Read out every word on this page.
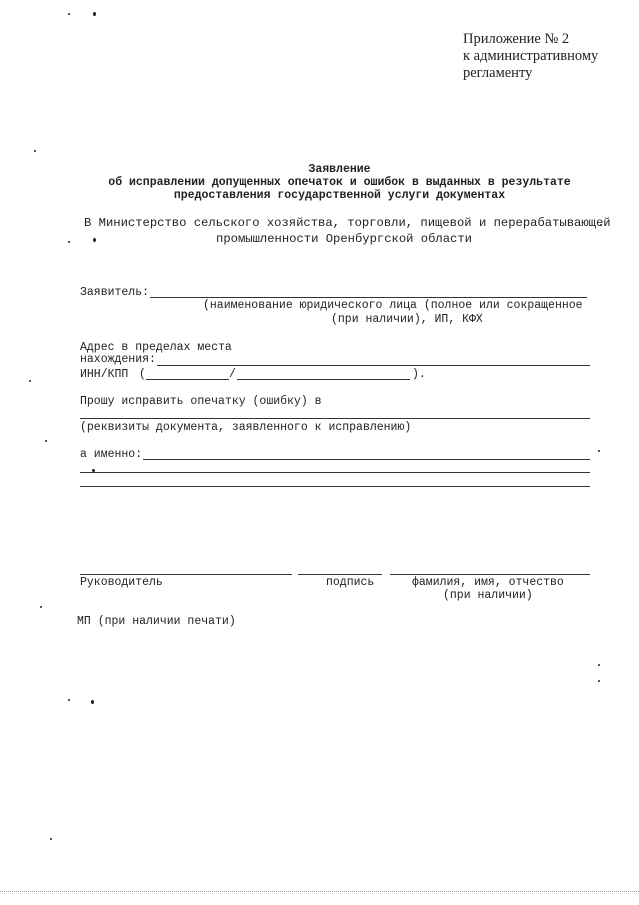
Приложение № 2
к административному
регламенту
Заявление
об исправлении допущенных опечаток и ошибок в выданных в результате
предоставления государственной услуги документах
В Министерство сельского хозяйства, торговли, пищевой и перерабатывающей
промышленности Оренбургской области
Заявитель:
(наименование юридического лица (полное или сокращенное
(при наличии), ИП, КФХ
Адрес в пределах места
нахождения:
ИНН/КПП (	/	).
Прошу исправить опечатку (ошибку) в
(реквизиты документа, заявленного к исправлению)
а именно:
Руководитель	подпись	фамилия, имя, отчество
(при наличии)
МП (при наличии печати)
